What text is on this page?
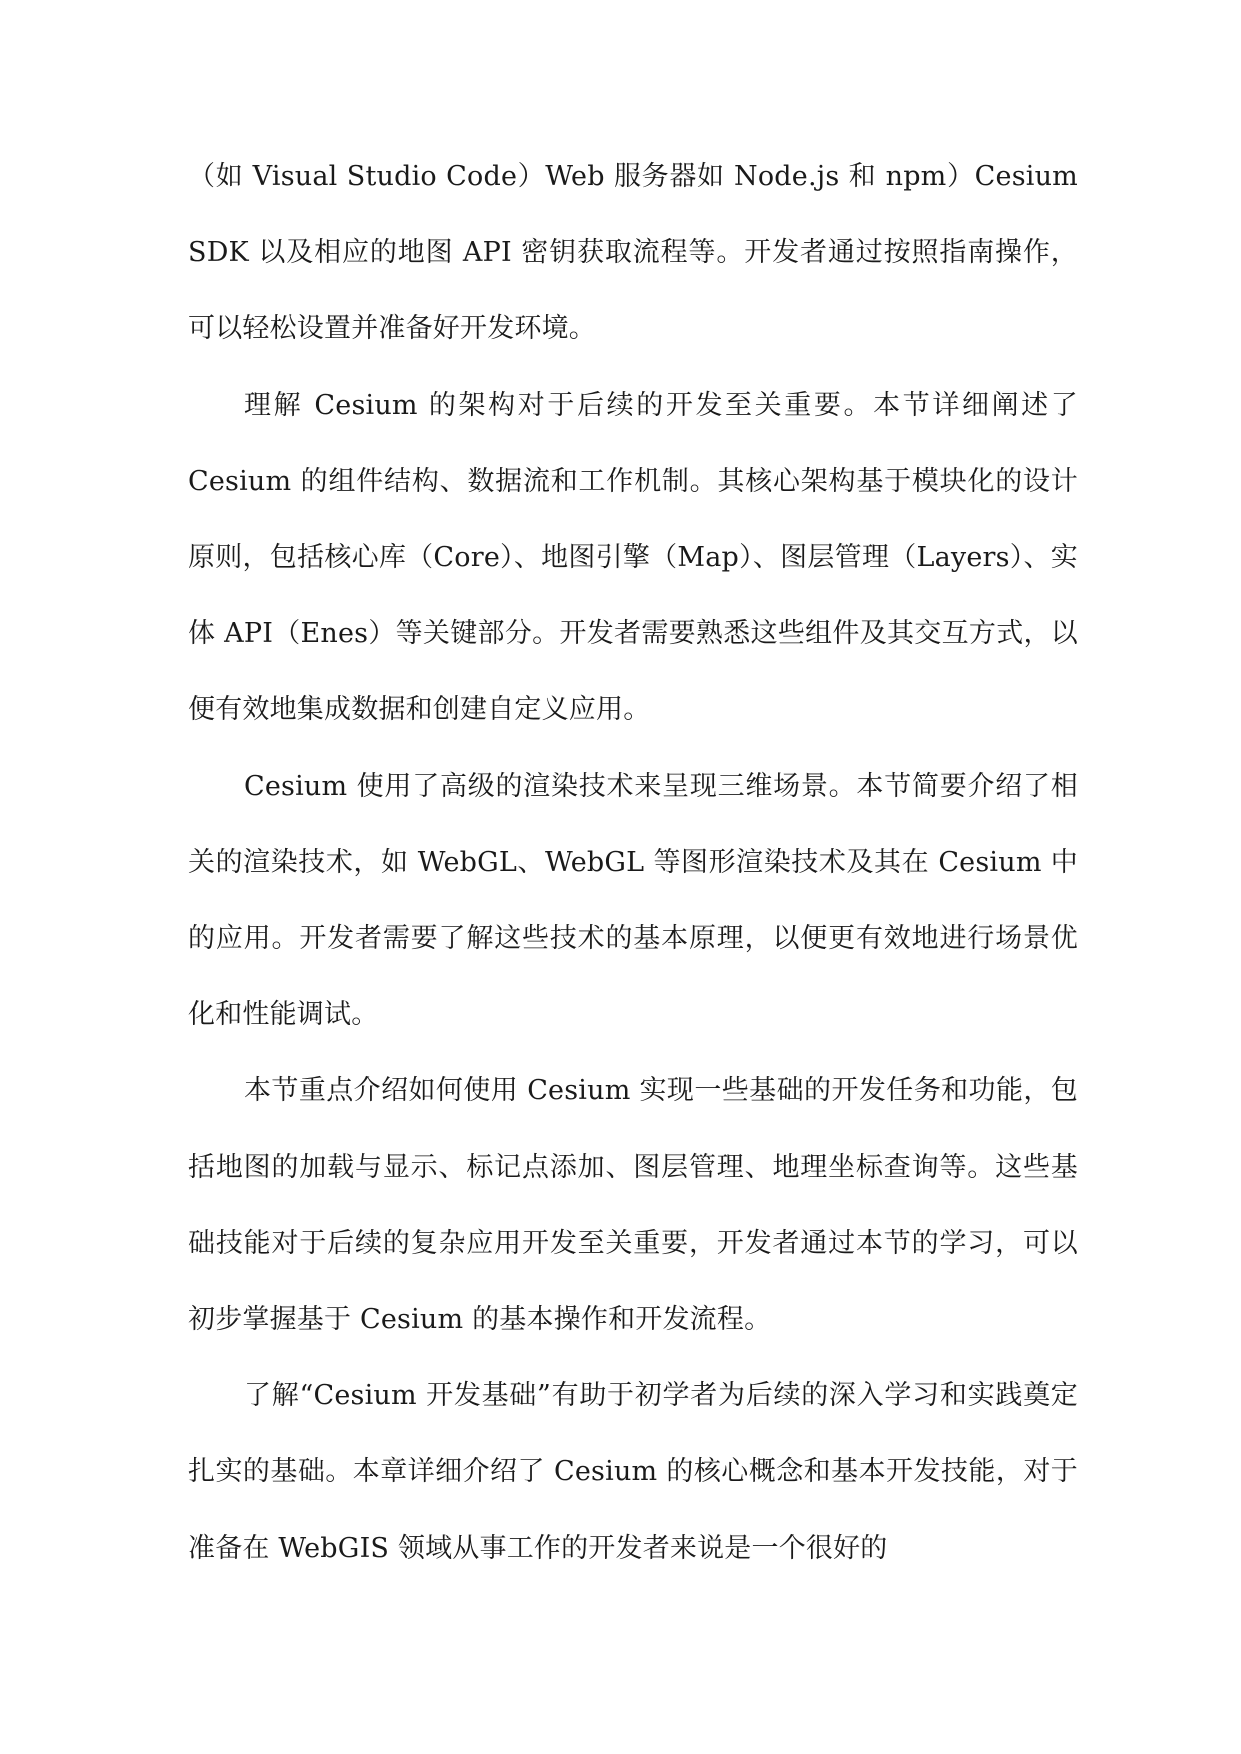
（如 Visual Studio Code）Web 服务器如 Node.js 和 npm）Cesium SDK 以及相应的地图 API 密钥获取流程等。开发者通过按照指南操作，可以轻松设置并准备好开发环境。

理解 Cesium 的架构对于后续的开发至关重要。本节详细阐述了 Cesium 的组件结构、数据流和工作机制。其核心架构基于模块化的设计原则，包括核心库（Core）、地图引擎（Map）、图层管理（Layers）、实体 API（Enes）等关键部分。开发者需要熟悉这些组件及其交互方式，以便有效地集成数据和创建自定义应用。

Cesium 使用了高级的渲染技术来呈现三维场景。本节简要介绍了相关的渲染技术，如 WebGL、WebGL 等图形渲染技术及其在 Cesium 中的应用。开发者需要了解这些技术的基本原理，以便更有效地进行场景优化和性能调试。

本节重点介绍如何使用 Cesium 实现一些基础的开发任务和功能，包括地图的加载与显示、标记点添加、图层管理、地理坐标查询等。这些基础技能对于后续的复杂应用开发至关重要，开发者通过本节的学习，可以初步掌握基于 Cesium 的基本操作和开发流程。

了解“Cesium 开发基础”有助于初学者为后续的深入学习和实践奠定扎实的基础。本章详细介绍了 Cesium 的核心概念和基本开发技能，对于准备在 WebGIS 领域从事工作的开发者来说是一个很好的
